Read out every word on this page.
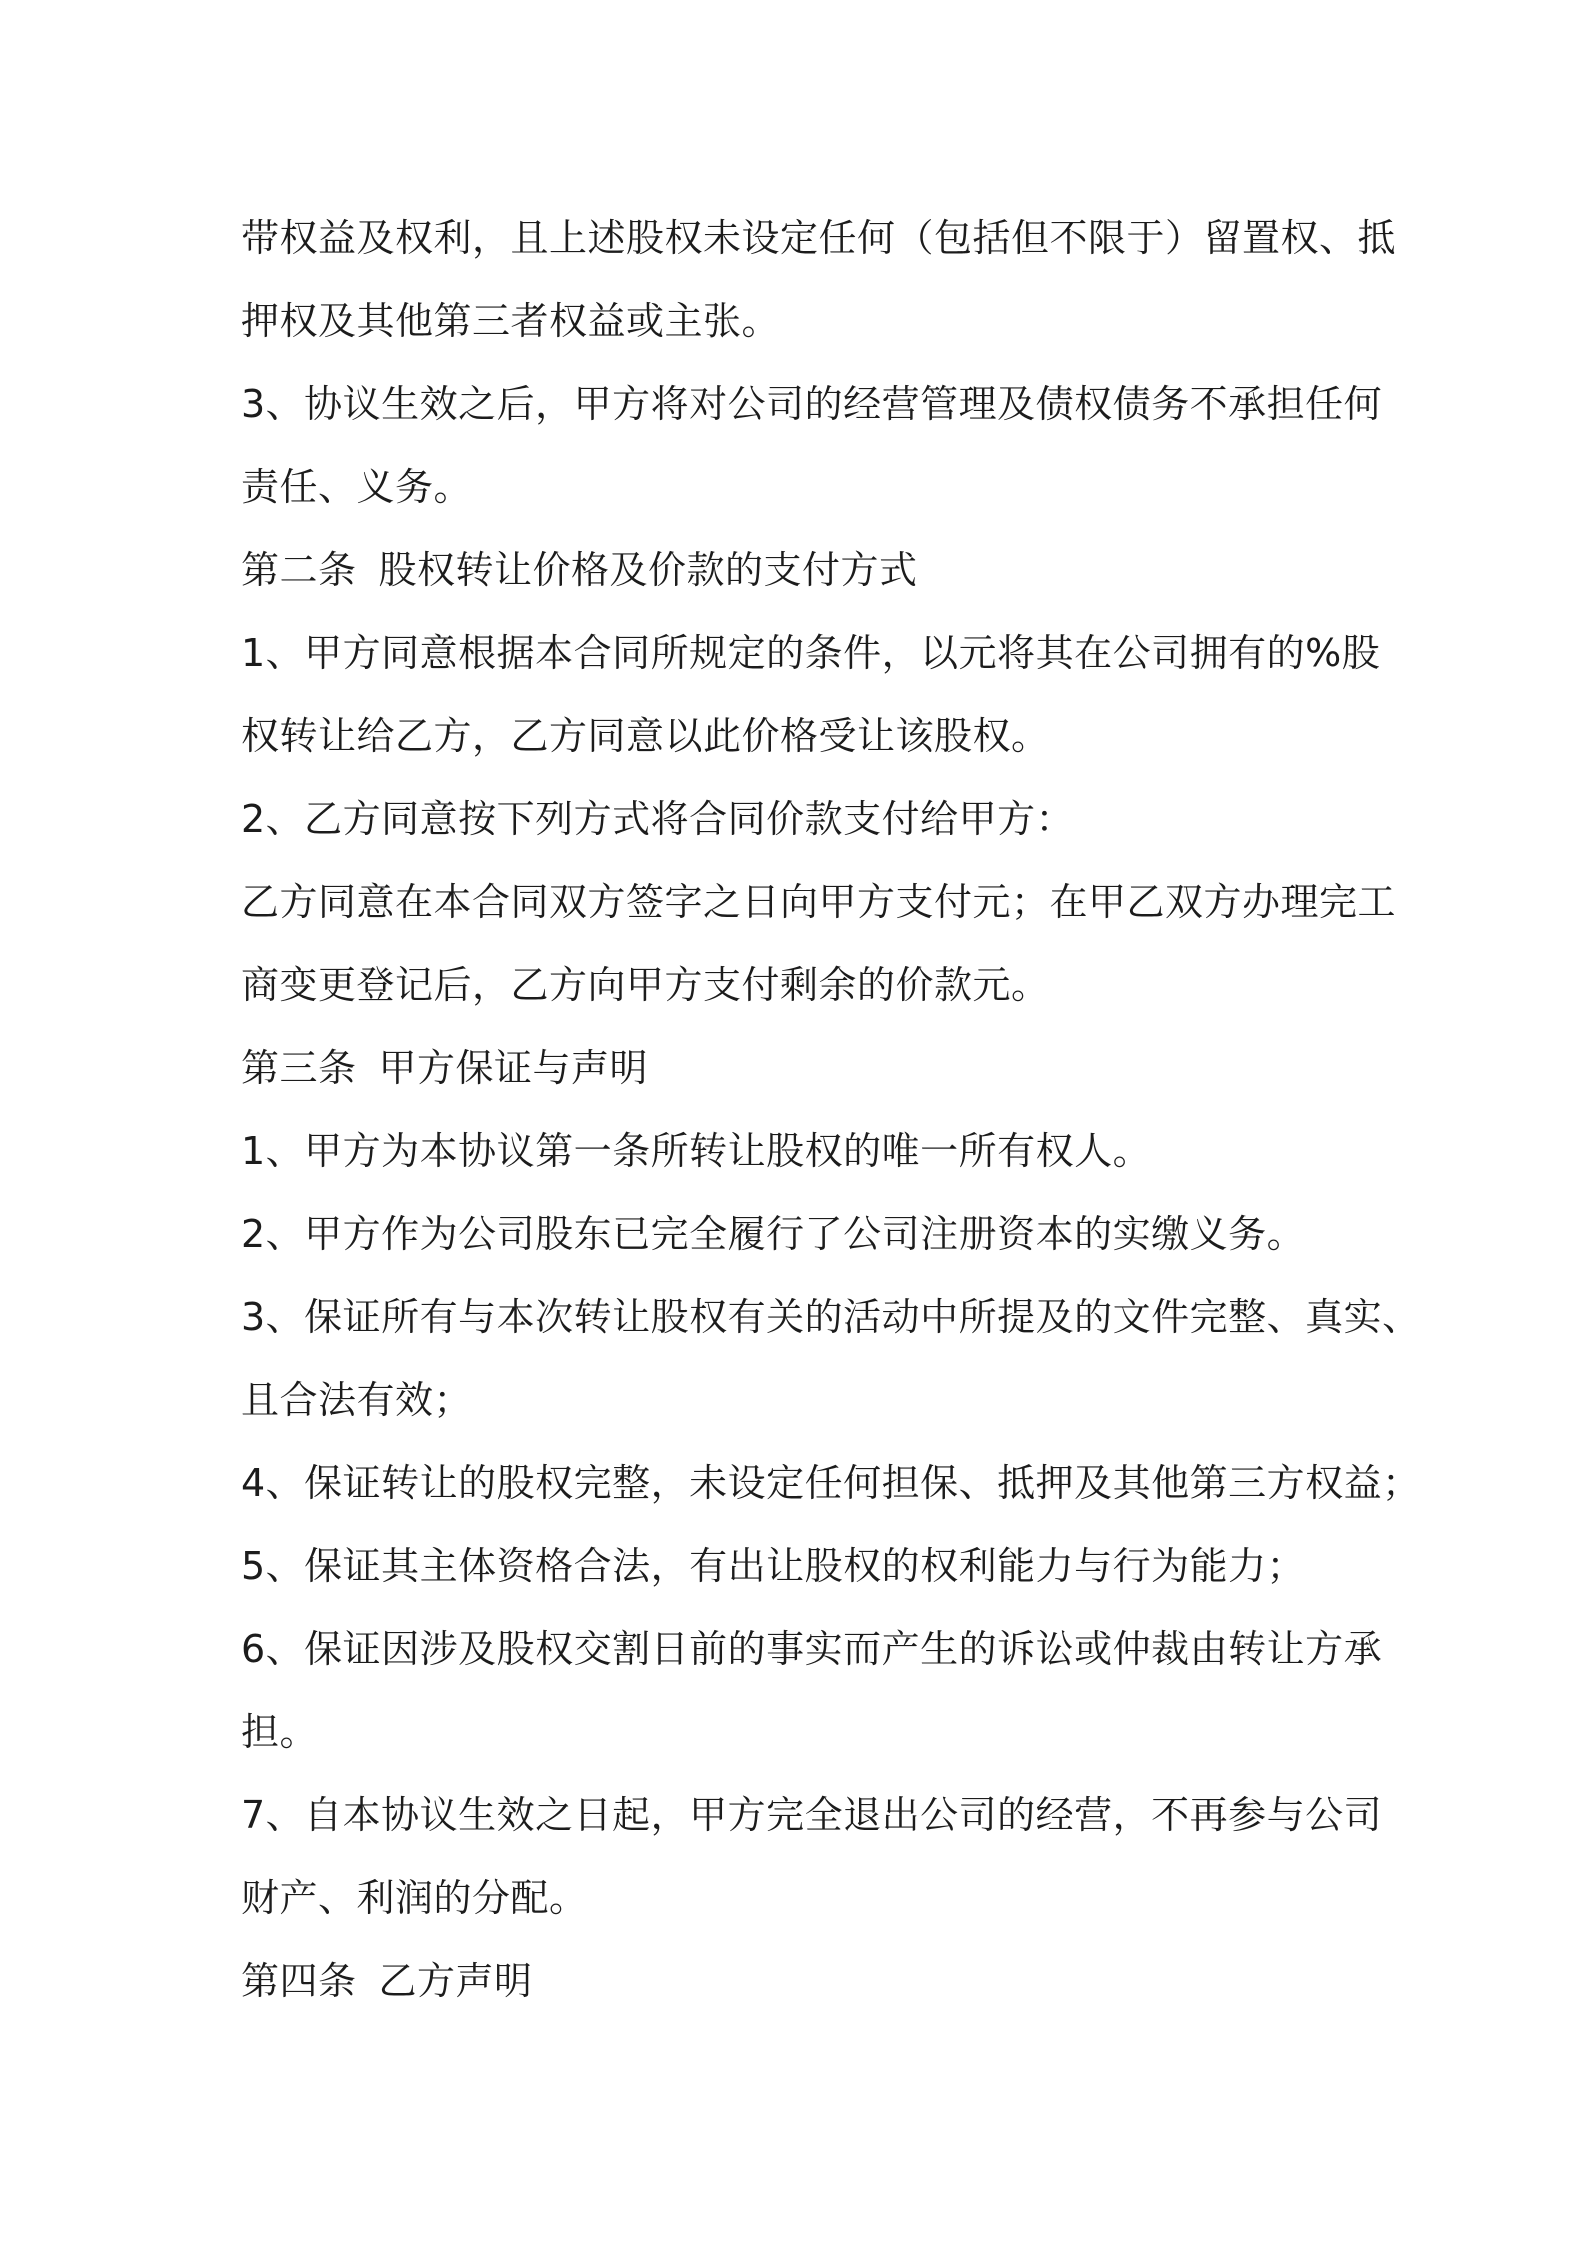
带权益及权利，且上述股权未设定任何（包括但不限于）留置权、抵
押权及其他第三者权益或主张。
3、协议生效之后，甲方将对公司的经营管理及债权债务不承担任何
责任、义务。
第二条 股权转让价格及价款的支付方式
1、甲方同意根据本合同所规定的条件，以元将其在公司拥有的%股
权转让给乙方，乙方同意以此价格受让该股权。
2、乙方同意按下列方式将合同价款支付给甲方：
乙方同意在本合同双方签字之日向甲方支付元；在甲乙双方办理完工
商变更登记后，乙方向甲方支付剩余的价款元。
第三条 甲方保证与声明
1、甲方为本协议第一条所转让股权的唯一所有权人。
2、甲方作为公司股东已完全履行了公司注册资本的实缴义务。
3、保证所有与本次转让股权有关的活动中所提及的文件完整、真实、
且合法有效；
4、保证转让的股权完整，未设定任何担保、抵押及其他第三方权益；
5、保证其主体资格合法，有出让股权的权利能力与行为能力；
6、保证因涉及股权交割日前的事实而产生的诉讼或仲裁由转让方承
担。
7、自本协议生效之日起，甲方完全退出公司的经营，不再参与公司
财产、利润的分配。
第四条 乙方声明
